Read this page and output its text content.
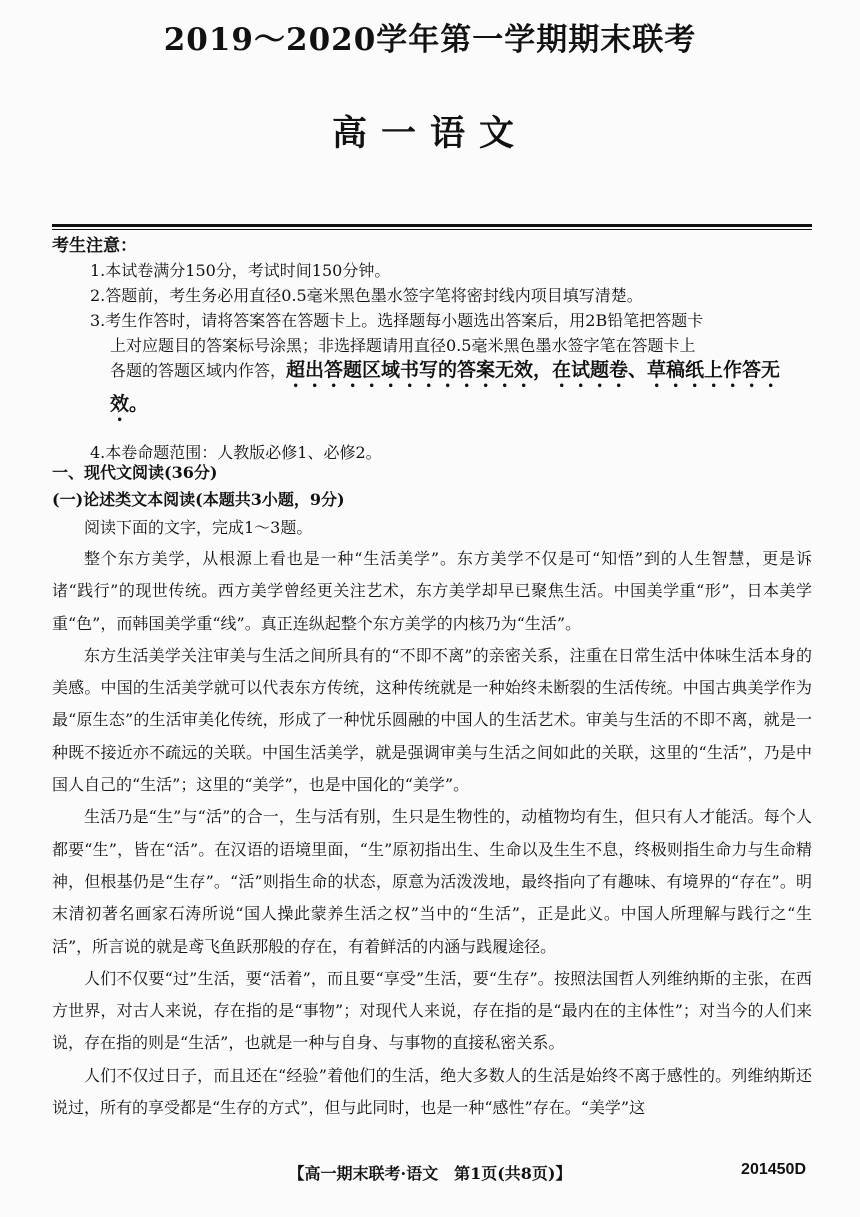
2019～2020学年第一学期期末联考
高一语文
考生注意：
1.本试卷满分150分，考试时间150分钟。
2.答题前，考生务必用直径0.5毫米黑色墨水签字笔将密封线内项目填写清楚。
3.考生作答时，请将答案答在答题卡上。选择题每小题选出答案后，用2B铅笔把答题卡
上对应题目的答案标号涂黑；非选择题请用直径0.5毫米黑色墨水签字笔在答题卡上
各题的答题区域内作答，超出答题区域书写的答案无效，在试题卷、草稿纸上作答无效。
4.本卷命题范围：人教版必修1、必修2。
一、现代文阅读(36分)
(一)论述类文本阅读(本题共3小题，9分)

阅读下面的文字，完成1～3题。

整个东方美学，从根源上看也是一种“生活美学”。东方美学不仅是可“知悟”到的人生智慧，更是诉诸“践行”的现世传统。西方美学曾经更关注艺术，东方美学却早已聚焦生活。中国美学重“形”，日本美学重“色”，而韩国美学重“线”。真正连纵起整个东方美学的内核乃为“生活”。

东方生活美学关注审美与生活之间所具有的“不即不离”的亲密关系，注重在日常生活中体味生活本身的美感。中国的生活美学就可以代表东方传统，这种传统就是一种始终未断裂的生活传统。中国古典美学作为最“原生态”的生活审美化传统，形成了一种忧乐圆融的中国人的生活艺术。审美与生活的不即不离，就是一种既不接近亦不疏远的关联。中国生活美学，就是强调审美与生活之间如此的关联，这里的“生活”，乃是中国人自己的“生活”；这里的“美学”，也是中国化的“美学”。

生活乃是“生”与“活”的合一，生与活有别，生只是生物性的，动植物均有生，但只有人才能活。每个人都要“生”，皆在“活”。在汉语的语境里面，“生”原初指出生、生命以及生生不息，终极则指生命力与生命精神，但根基仍是“生存”。“活”则指生命的状态，原意为活泼泼地，最终指向了有趣味、有境界的“存在”。明末清初著名画家石涛所说“国人操此蒙养生活之权”当中的“生活”，正是此义。中国人所理解与践行之“生活”，所言说的就是鸢飞鱼跃那般的存在，有着鲜活的内涵与践履途径。

人们不仅要“过”生活，要“活着”，而且要“享受”生活，要“生存”。按照法国哲人列维纳斯的主张，在西方世界，对古人来说，存在指的是“事物”；对现代人来说，存在指的是“最内在的主体性”；对当今的人们来说，存在指的则是“生活”，也就是一种与自身、与事物的直接私密关系。

人们不仅过日子，而且还在“经验”着他们的生活，绝大多数人的生活是始终不离于感性的。列维纳斯还说过，所有的享受都是“生存的方式”，但与此同时，也是一种“感性”存在。“美学”这

【高一期末联考·语文　第1页(共8页)】	201450D
